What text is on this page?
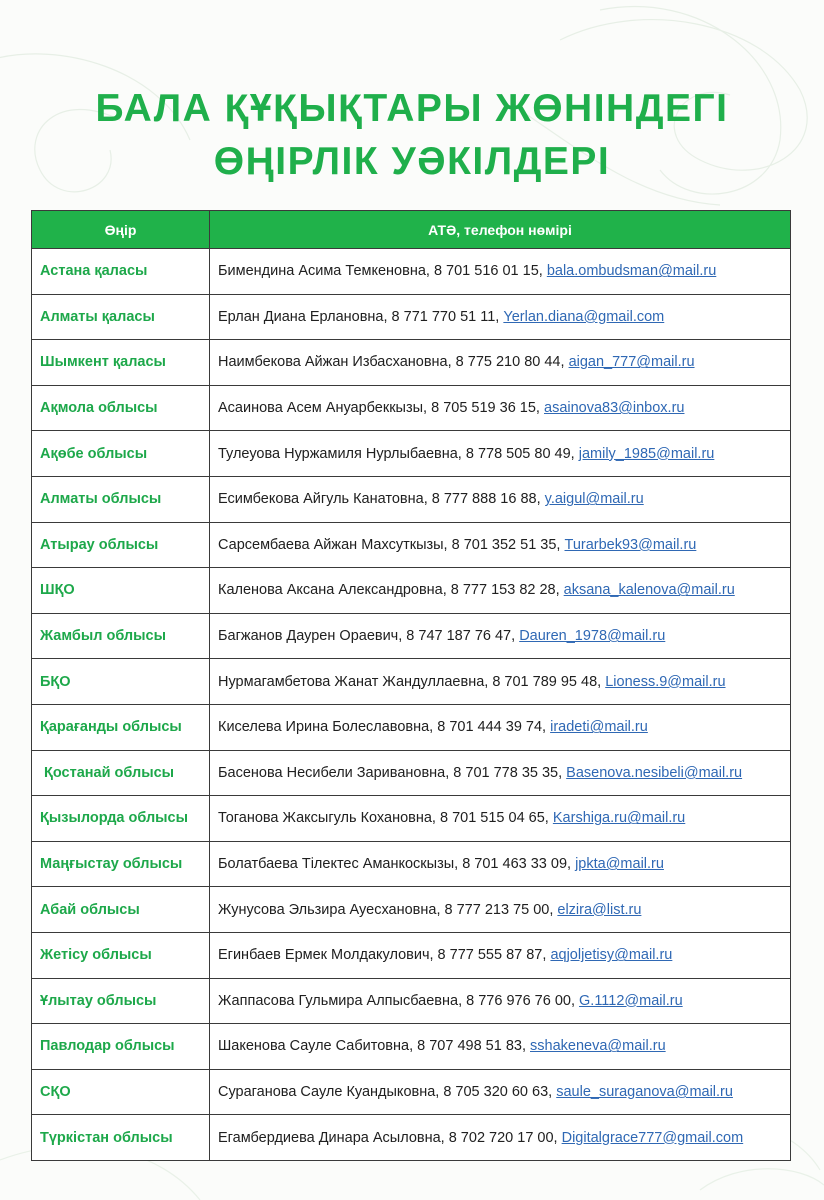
БАЛА ҚҰҚЫҚТАРЫ ЖӨНІНДЕГІ
ӨҢІРЛІК УӘКІЛДЕРІ
Өңір	АТӘ, телефон нөмірі
Астана қаласы	Бимендина Асима Темкеновна, 8 701 516 01 15, bala.ombudsman@mail.ru
Алматы қаласы	Ерлан Диана Ерлановна, 8 771 770 51 11, Yerlan.diana@gmail.com
Шымкент қаласы	Наимбекова Айжан Избасхановна, 8 775 210 80 44, aigan_777@mail.ru
Ақмола облысы	Асаинова Асем Ануарбеккызы, 8 705 519 36 15, asainova83@inbox.ru
Ақөбе облысы	Тулеуова Нуржамиля Нурлыбаевна, 8 778 505 80 49, jamily_1985@mail.ru
Алматы облысы	Есимбекова Айгуль Канатовна, 8 777 888 16 88, y.aigul@mail.ru
Атырау облысы	Сарсембаева Айжан Махсуткызы, 8 701 352 51 35, Turarbek93@mail.ru
ШҚО	Каленова Аксана Александровна, 8 777 153 82 28, aksana_kalenova@mail.ru
Жамбыл облысы	Багжанов Даурен Ораевич, 8 747 187 76 47, Dauren_1978@mail.ru
БҚО	Нурмагамбетова Жанат Жандуллаевна, 8 701 789 95 48, Lioness.9@mail.ru
Қарағанды облысы	Киселева Ирина Болеславовна, 8 701 444 39 74, iradeti@mail.ru
Қостанай облысы	Басенова Несибели Заривановна, 8 701 778 35 35, Basenova.nesibeli@mail.ru
Қызылорда облысы	Тоганова Жаксыгуль Кохановна, 8 701 515 04 65, Karshiga.ru@mail.ru
Маңғыстау облысы	Болатбаева Тілектес Аманкоскызы, 8 701 463 33 09, jpkta@mail.ru
Абай облысы	Жунусова Эльзира Ауесхановна, 8 777 213 75 00, elzira@list.ru
Жетісу облысы	Егинбаев Ермек Молдакулович, 8 777 555 87 87, aqjoljetisy@mail.ru
Ұлытау облысы	Жаппасова Гульмира Алпысбаевна, 8 776 976 76 00, G.1112@mail.ru
Павлодар облысы	Шакенова Сауле Сабитовна, 8 707 498 51 83, sshakeneva@mail.ru
СҚО	Сураганова Сауле Куандыковна, 8 705 320 60 63, saule_suraganova@mail.ru
Түркістан облысы	Егамбердиева Динара Асыловна, 8 702 720 17 00, Digitalgrace777@gmail.com
